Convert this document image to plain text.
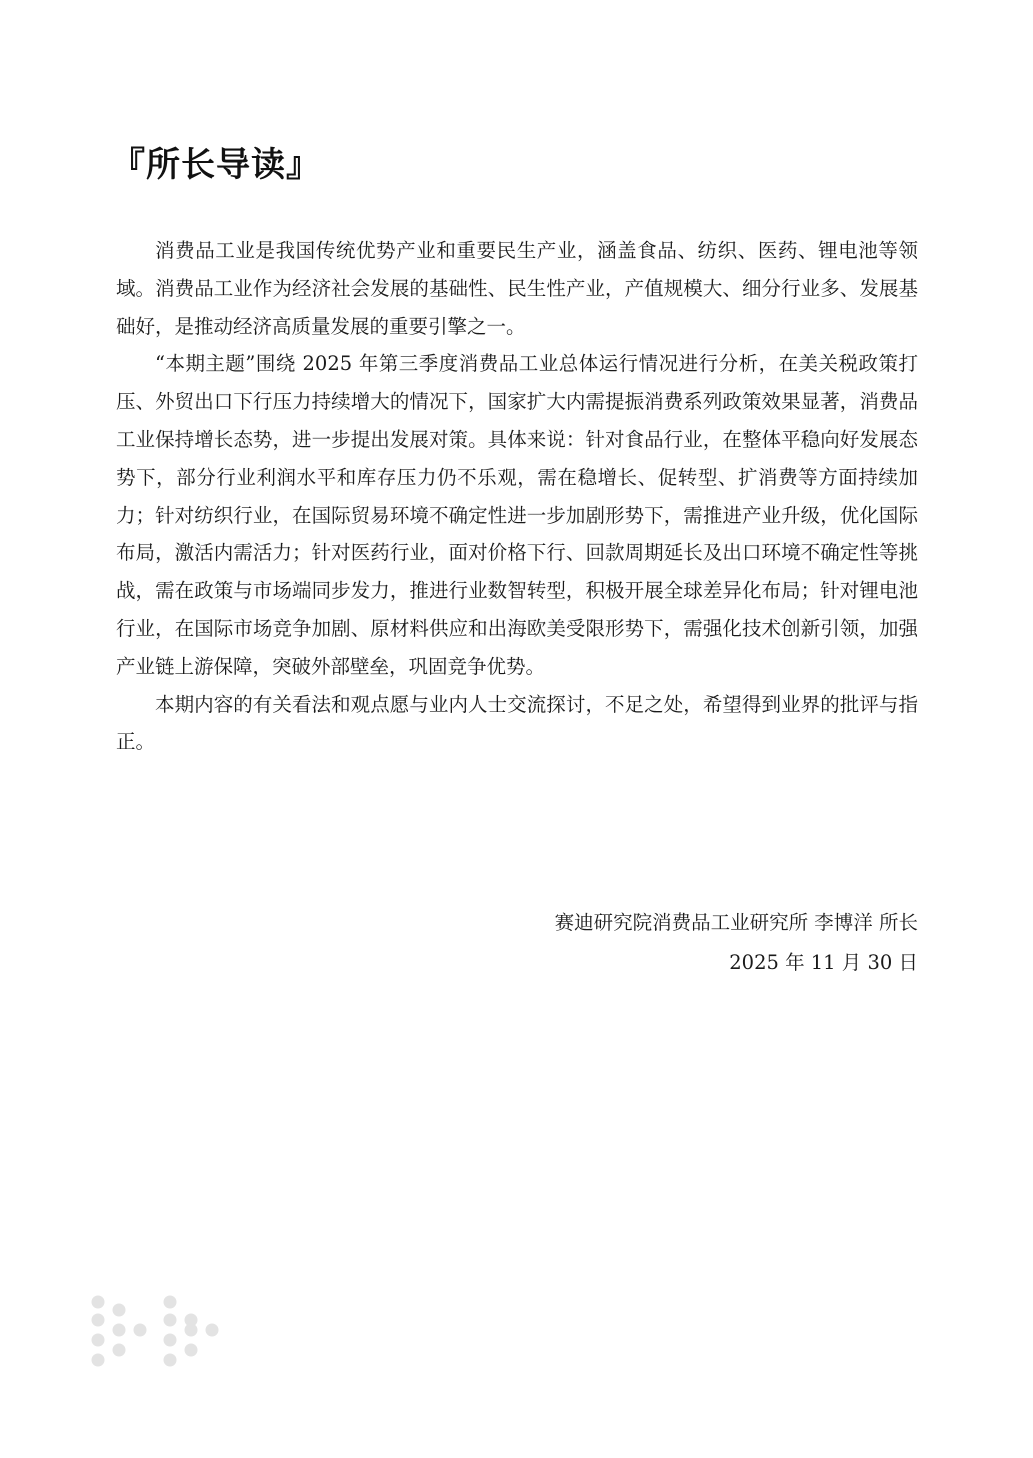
『所长导读』

消费品工业是我国传统优势产业和重要民生产业，涵盖食品、纺织、医药、锂电池等领域。消费品工业作为经济社会发展的基础性、民生性产业，产值规模大、细分行业多、发展基础好，是推动经济高质量发展的重要引擎之一。

“本期主题”围绕 2025 年第三季度消费品工业总体运行情况进行分析，在美关税政策打压、外贸出口下行压力持续增大的情况下，国家扩大内需提振消费系列政策效果显著，消费品工业保持增长态势，进一步提出发展对策。具体来说：针对食品行业，在整体平稳向好发展态势下，部分行业利润水平和库存压力仍不乐观，需在稳增长、促转型、扩消费等方面持续加力；针对纺织行业，在国际贸易环境不确定性进一步加剧形势下，需推进产业升级，优化国际布局，激活内需活力；针对医药行业，面对价格下行、回款周期延长及出口环境不确定性等挑战，需在政策与市场端同步发力，推进行业数智转型，积极开展全球差异化布局；针对锂电池行业，在国际市场竞争加剧、原材料供应和出海欧美受限形势下，需强化技术创新引领，加强产业链上游保障，突破外部壁垒，巩固竞争优势。

本期内容的有关看法和观点愿与业内人士交流探讨，不足之处，希望得到业界的批评与指正。

赛迪研究院消费品工业研究所 李博洋 所长
2025 年 11 月 30 日
